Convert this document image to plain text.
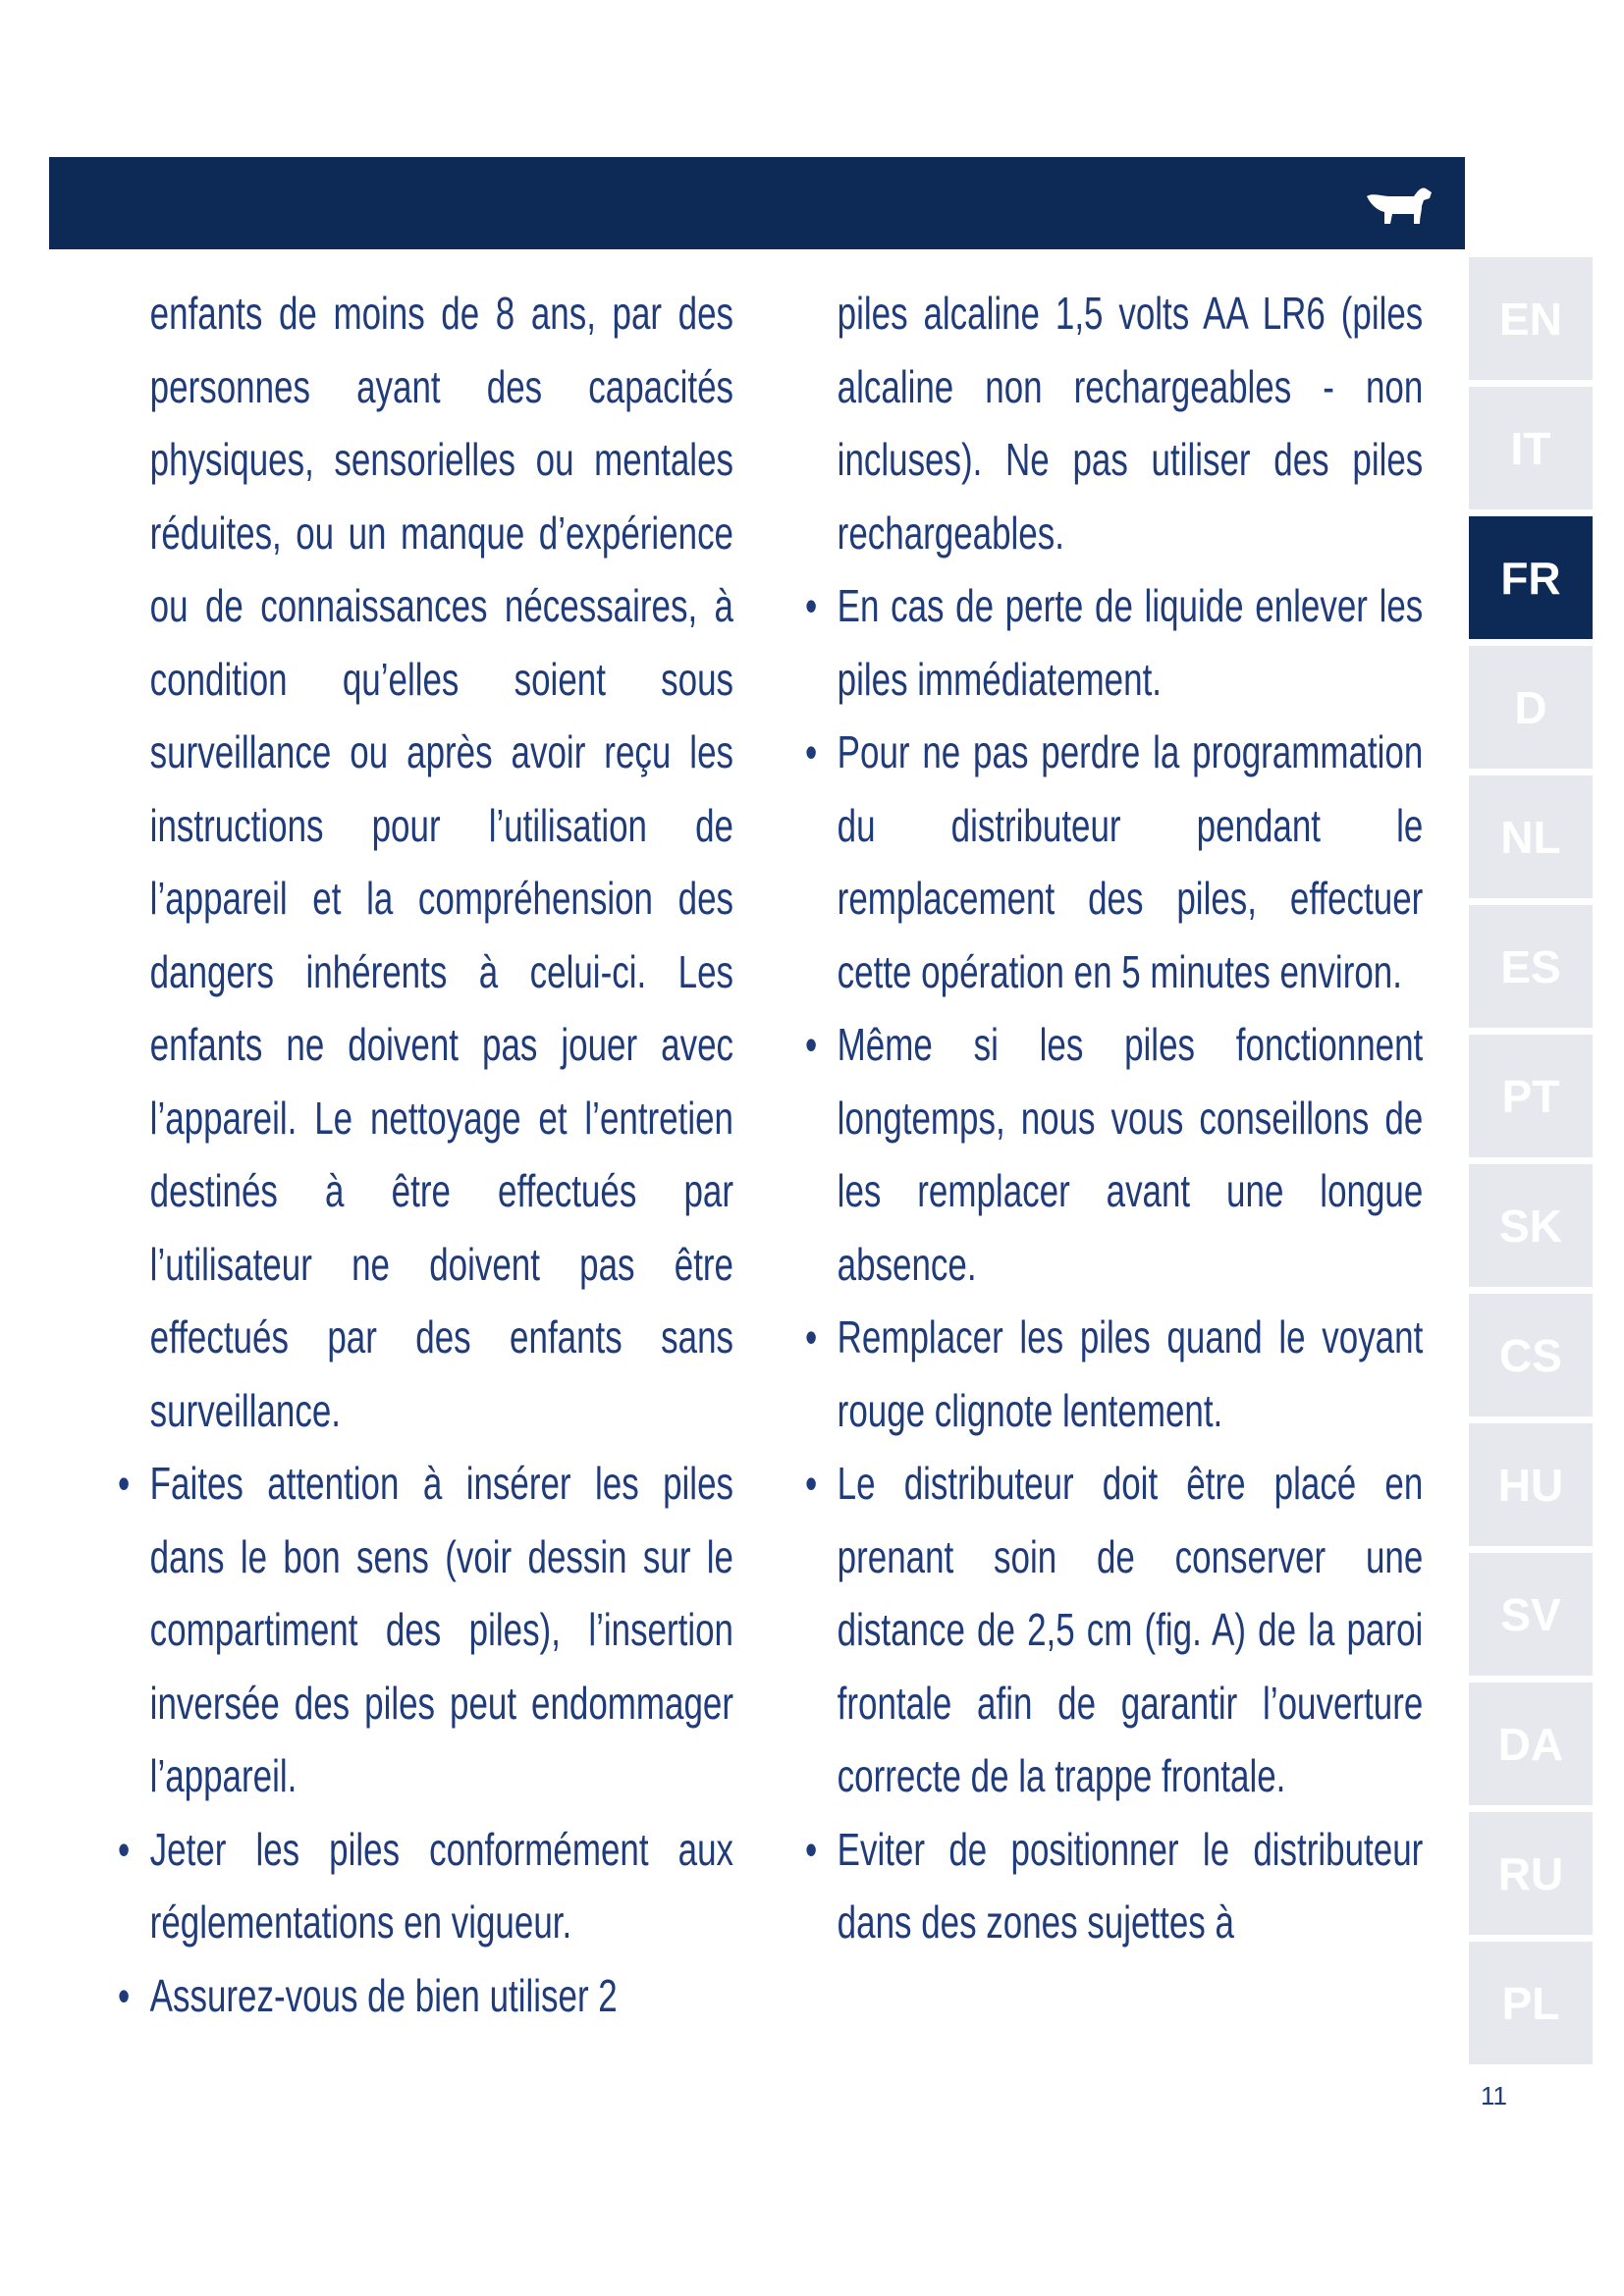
enfants de moins de 8 ans, par des personnes ayant des capacités physiques, sensorielles ou mentales réduites, ou un manque d’expérience ou de connaissances nécessaires, à condition qu’elles soient sous surveillance ou après avoir reçu les instructions pour l’utilisation de l’appareil et la compréhension des dangers inhérents à celui-ci. Les enfants ne doivent pas jouer avec l’appareil. Le nettoyage et l’entretien destinés à être effectués par l’utilisateur ne doivent pas être effectués par des enfants sans surveillance.
• Faites attention à insérer les piles dans le bon sens (voir dessin sur le compartiment des piles), l’insertion inversée des piles peut endommager l’appareil.
• Jeter les piles conformément aux réglementations en vigueur.
• Assurez-vous de bien utiliser 2
piles alcaline 1,5 volts AA LR6 (piles alcaline non rechargeables - non incluses). Ne pas utiliser des piles rechargeables.
• En cas de perte de liquide enlever les piles immédiatement.
• Pour ne pas perdre la programmation du distributeur pendant le remplacement des piles, effectuer cette opération en 5 minutes environ.
• Même si les piles fonctionnent longtemps, nous vous conseillons de les remplacer avant une longue absence.
• Remplacer les piles quand le voyant rouge clignote lentement.
• Le distributeur doit être placé en prenant soin de conserver une distance de 2,5 cm (fig. A) de la paroi frontale afin de garantir l’ouverture correcte de la trappe frontale.
• Eviter de positionner le distributeur dans des zones sujettes à
EN
IT
FR
D
NL
ES
PT
SK
CS
HU
SV
DA
RU
PL
11
